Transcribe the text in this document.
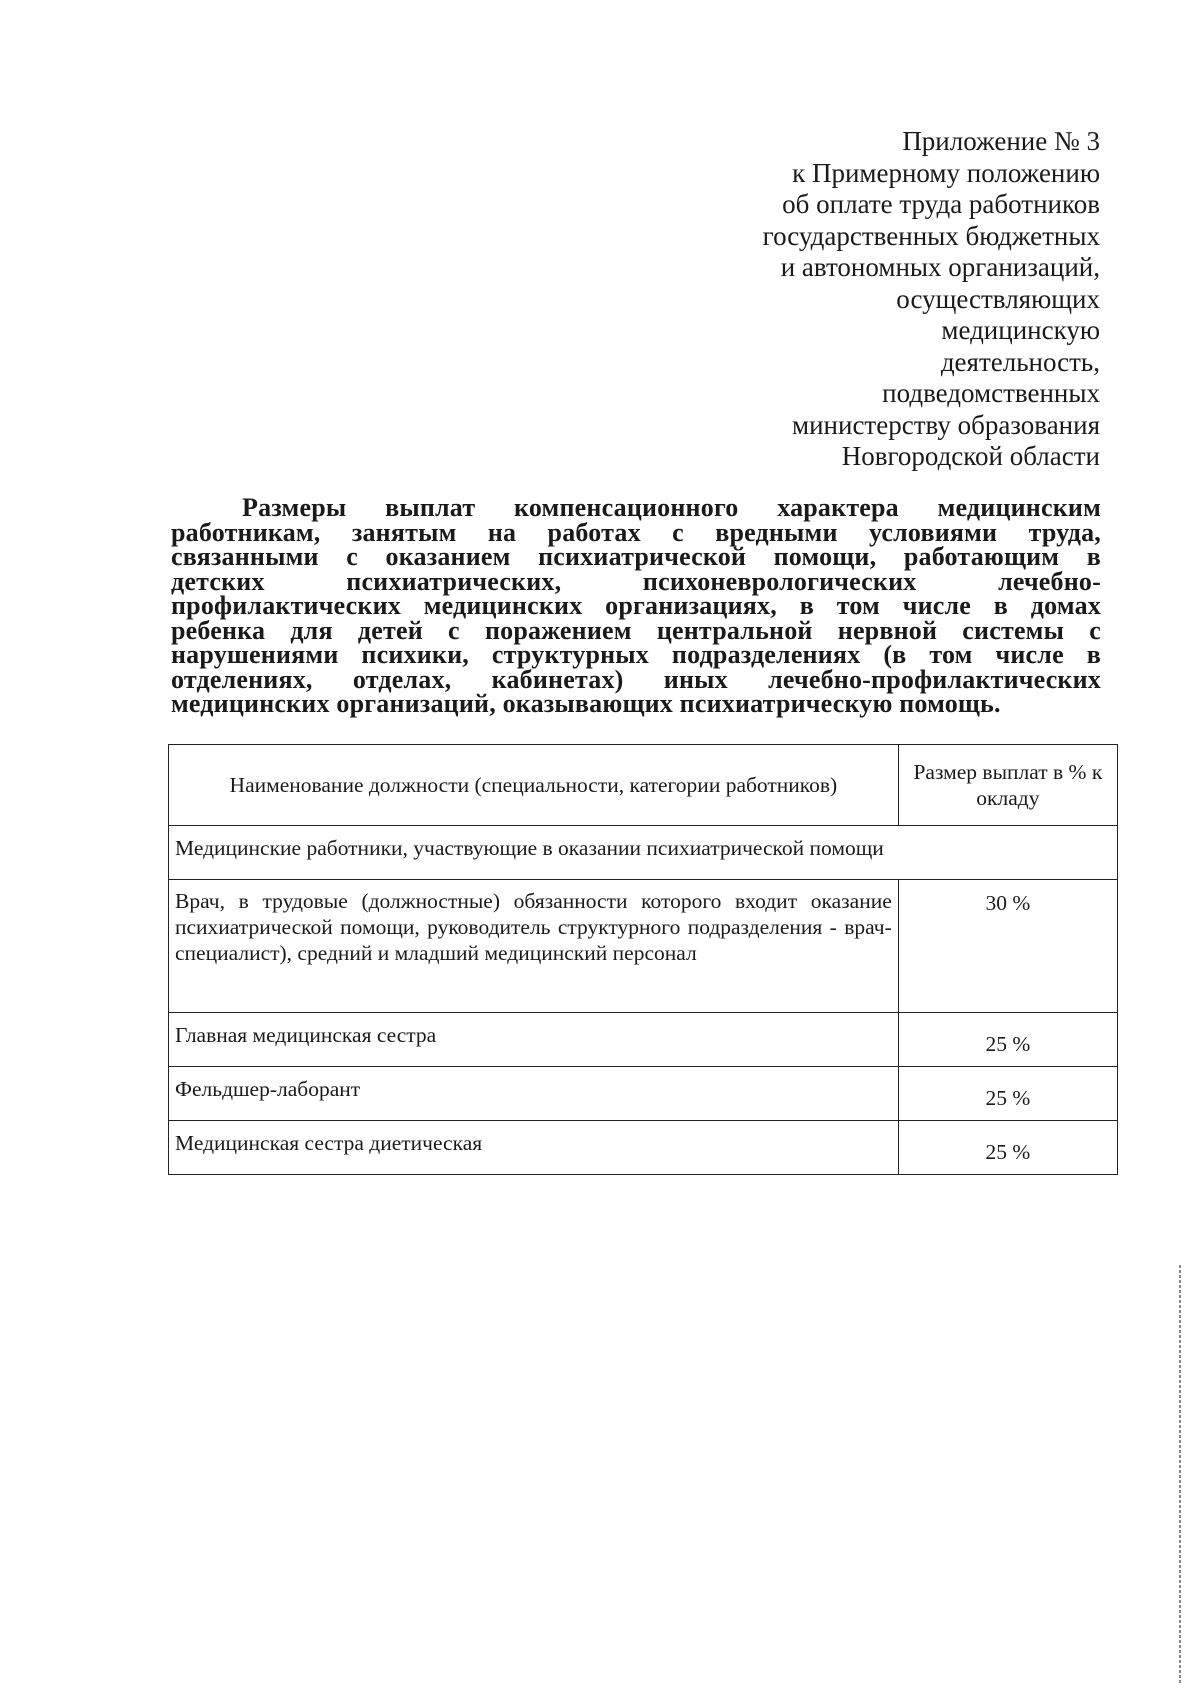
Приложение № 3
к Примерному положению
об оплате труда работников
государственных бюджетных
и автономных организаций,
осуществляющих
медицинскую
деятельность,
подведомственных
министерству образования
Новгородской области
Размеры выплат компенсационного характера медицинским
работникам, занятым на работах с вредными условиями труда,
связанными с оказанием психиатрической помощи, работающим в
детских психиатрических, психоневрологических лечебно-
профилактических медицинских организациях, в том числе в домах
ребенка для детей с поражением центральной нервной системы с
нарушениями психики, структурных подразделениях (в том числе в
отделениях, отделах, кабинетах) иных лечебно-профилактических
медицинских организаций, оказывающих психиатрическую помощь.
Наименование должности (специальности, категории работников)	Размер выплат в % к окладу
Медицинские работники, участвующие в оказании психиатрической помощи	
Врач, в трудовые (должностные) обязанности которого входит оказание психиатрической помощи, руководитель структурного подразделения - врач-специалист), средний и младший медицинский персонал	30 %
Главная медицинская сестра	25 %
Фельдшер-лаборант	25 %
Медицинская сестра диетическая	25 %
